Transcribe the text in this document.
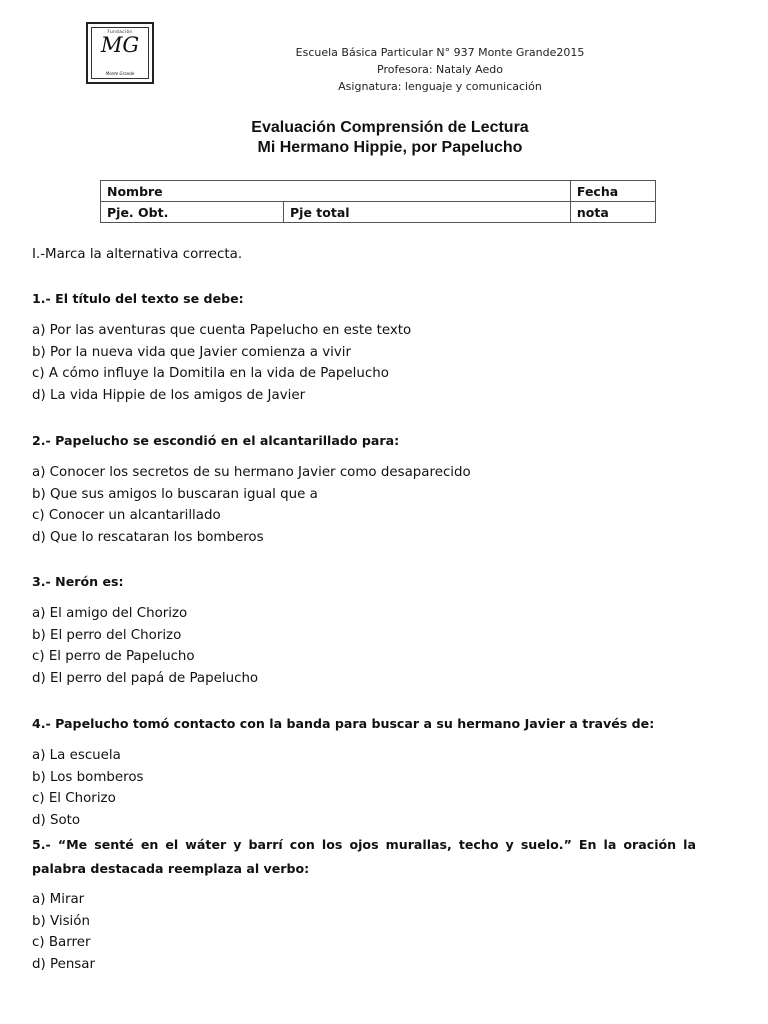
Fundación
MG
Monte Grande
Escuela Básica Particular N° 937 Monte Grande2015
Profesora: Nataly Aedo
Asignatura: lenguaje y comunicación
Evaluación Comprensión de Lectura
Mi Hermano Hippie, por Papelucho
Nombre		Fecha
Pje. Obt.	Pje total	nota
I.-Marca la alternativa correcta.
1.- El título del texto se debe:
a) Por las aventuras que cuenta Papelucho en este texto
b) Por la nueva vida que Javier comienza a vivir
c) A cómo influye la Domitila en la vida de Papelucho
d) La vida Hippie de los amigos de Javier
2.- Papelucho se escondió en el alcantarillado para:
a) Conocer los secretos de su hermano Javier como desaparecido
b) Que sus amigos lo buscaran igual que a
c) Conocer un alcantarillado
d) Que lo rescataran los bomberos
3.- Nerón es:
a) El amigo del Chorizo
b) El perro del Chorizo
c) El perro de Papelucho
d) El perro del papá de Papelucho
4.- Papelucho tomó contacto con la banda para buscar a su hermano Javier a través de:
a) La escuela
b) Los bomberos
c) El Chorizo
d) Soto
5.- “Me senté en el wáter y barrí con los ojos murallas, techo y suelo.” En la oración la
palabra destacada reemplaza al verbo:
a) Mirar
b) Visión
c) Barrer
d) Pensar
